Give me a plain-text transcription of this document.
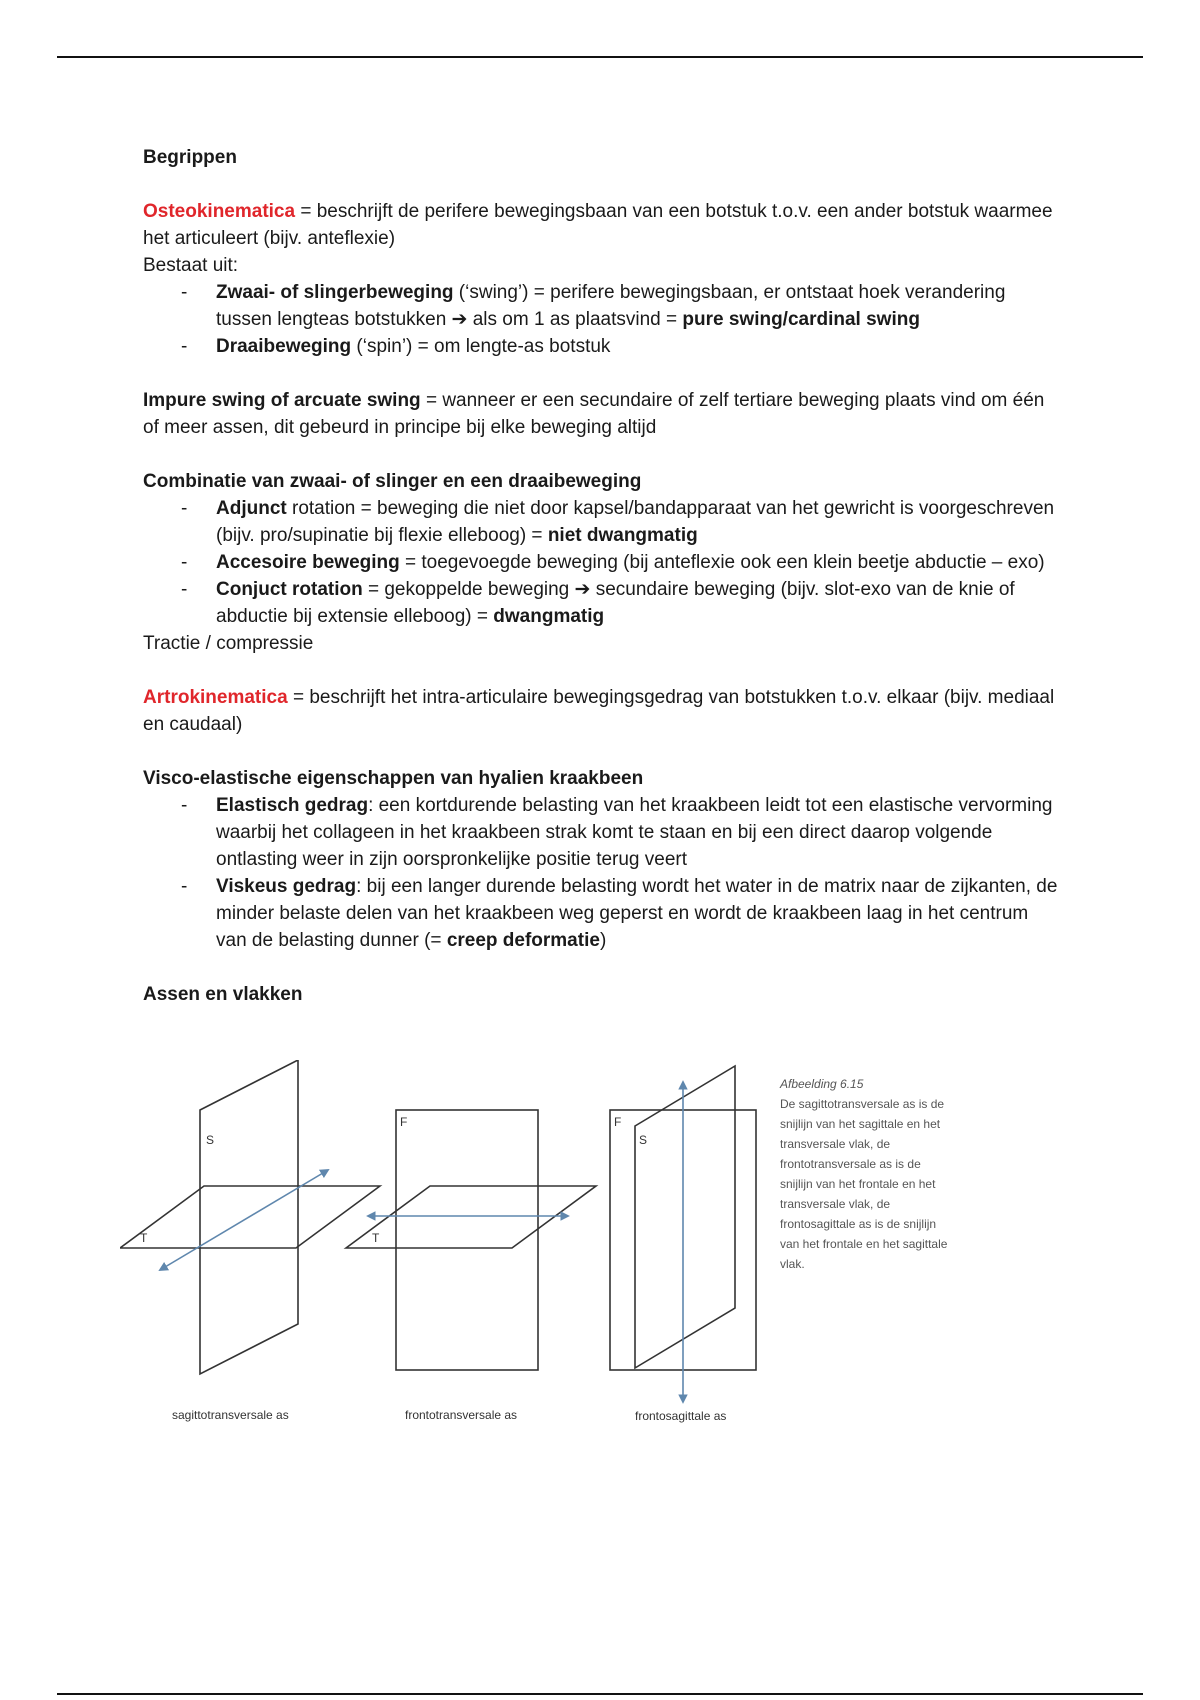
Begrippen

Osteokinematica = beschrijft de perifere bewegingsbaan van een botstuk t.o.v. een ander botstuk waarmee het articuleert (bijv. anteflexie)

Bestaat uit:

- Zwaai- of slingerbeweging (‘swing’) = perifere bewegingsbaan, er ontstaat hoek verandering tussen lengteas botstukken ➔ als om 1 as plaatsvind = pure swing/cardinal swing
- Draaibeweging (‘spin’) = om lengte-as botstuk

Impure swing of arcuate swing = wanneer er een secundaire of zelf tertiare beweging plaats vind om één of meer assen, dit gebeurd in principe bij elke beweging altijd

Combinatie van zwaai- of slinger en een draaibeweging

- Adjunct rotation = beweging die niet door kapsel/bandapparaat van het gewricht is voorgeschreven (bijv. pro/supinatie bij flexie elleboog) = niet dwangmatig
- Accesoire beweging = toegevoegde beweging (bij anteflexie ook een klein beetje abductie – exo)
- Conjuct rotation = gekoppelde beweging ➔ secundaire beweging (bijv. slot-exo van de knie of abductie bij extensie elleboog) = dwangmatig

Tractie / compressie

Artrokinematica = beschrijft het intra-articulaire bewegingsgedrag van botstukken t.o.v. elkaar (bijv. mediaal en caudaal)

Visco-elastische eigenschappen van hyalien kraakbeen

- Elastisch gedrag: een kortdurende belasting van het kraakbeen leidt tot een elastische vervorming waarbij het collageen in het kraakbeen strak komt te staan en bij een direct daarop volgende ontlasting weer in zijn oorspronkelijke positie terug veert
- Viskeus gedrag: bij een langer durende belasting wordt het water in de matrix naar de zijkanten, de minder belaste delen van het kraakbeen weg geperst en wordt de kraakbeen laag in het centrum van de belasting dunner (= creep deformatie)

Assen en vlakken

S
T
F
T
F
S
sagittotransversale as	frontotransversale as	frontosagittale as
Afbeelding 6.15
De sagittotransversale as is de snijlijn van het sagittale en het transversale vlak, de frontotransversale as is de snijlijn van het frontale en het transversale vlak, de frontosagittale as is de snijlijn van het frontale en het sagittale vlak.
